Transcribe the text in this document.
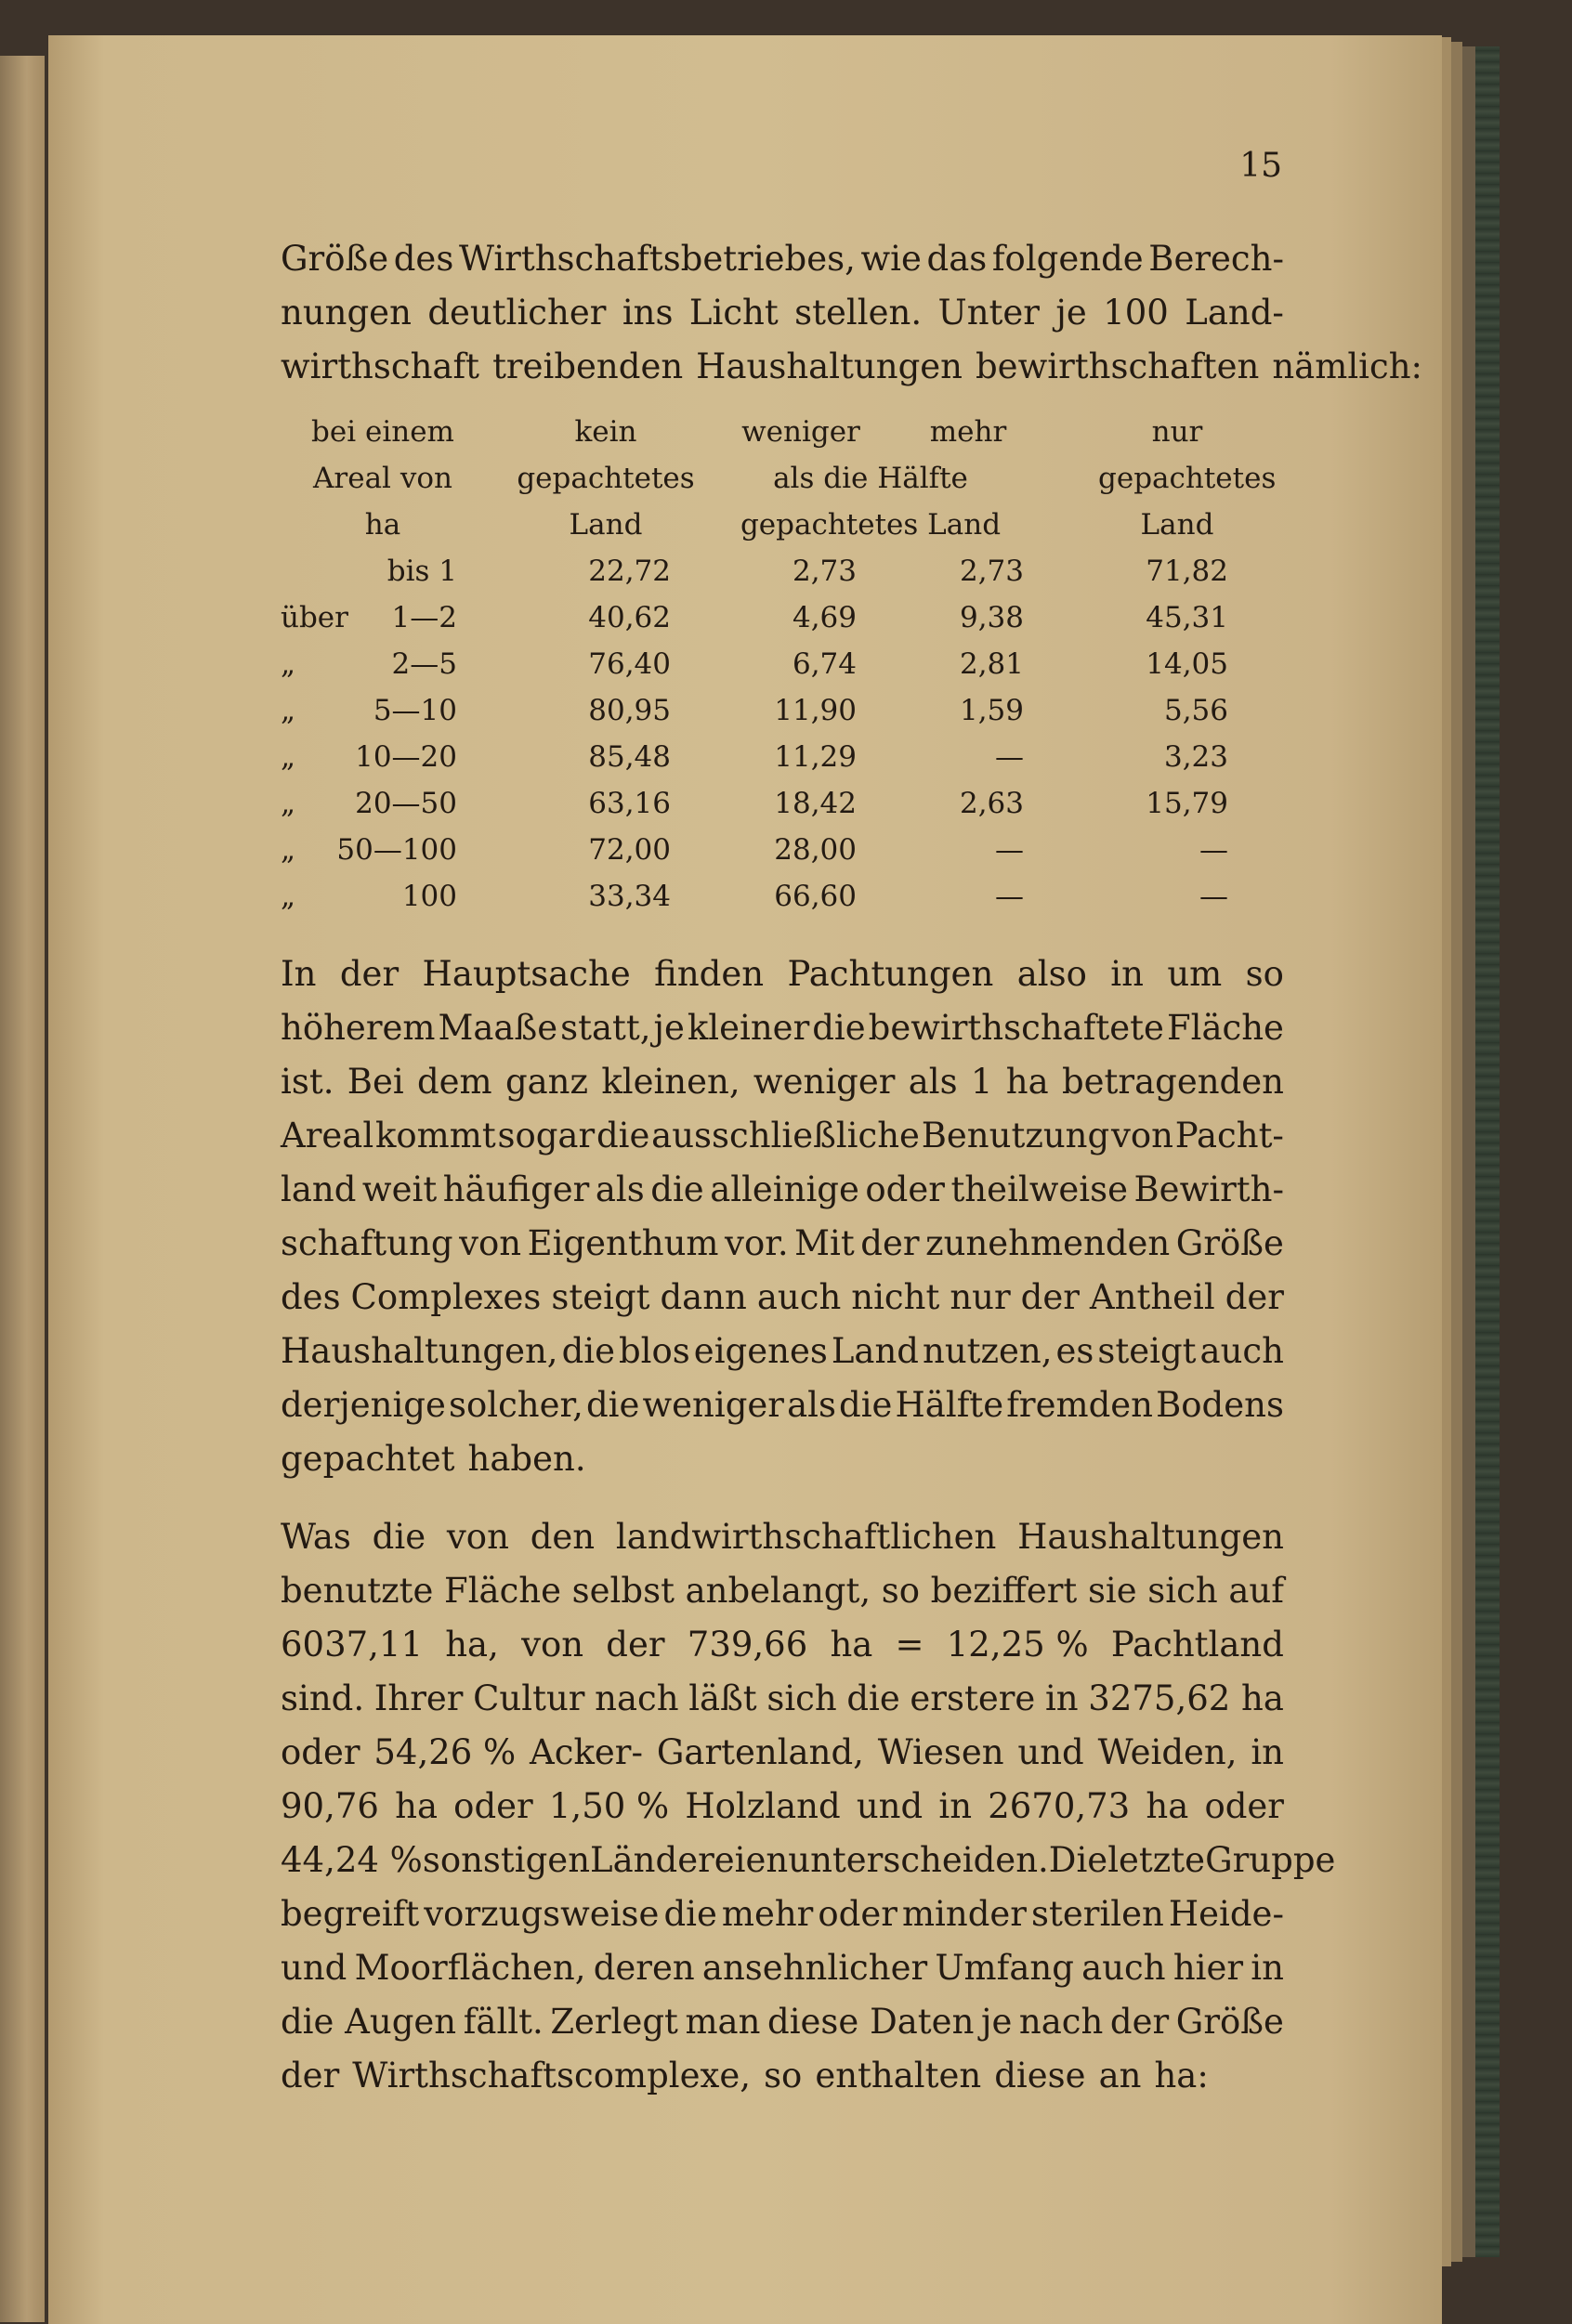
15
Größe des Wirthschaftsbetriebes, wie das folgende Berech-
nungen deutlicher ins Licht stellen. Unter je 100 Land-
wirthschaft treibenden Haushaltungen bewirthschaften nämlich:
bei einem	kein	weniger	mehr	nur
Areal von	gepachtetes	als die Hälfte	gepachtetes
ha	Land	gepachtetes Land	Land
bis 1	22,72	2,73	2,73	71,82
über	1—2	40,62	4,69	9,38	45,31
„	2—5	76,40	6,74	2,81	14,05
„	5—10	80,95	11,90	1,59	5,56
„	10—20	85,48	11,29	—	3,23
„	20—50	63,16	18,42	2,63	15,79
„	50—100	72,00	28,00	—	—
„	100	33,34	66,60	—	—
In der Hauptsache finden Pachtungen also in um so
höherem Maaße statt, je kleiner die bewirthschaftete Fläche
ist. Bei dem ganz kleinen, weniger als 1 ha betragenden
Areal kommt sogar die ausschließliche Benutzung von Pacht-
land weit häufiger als die alleinige oder theilweise Bewirth-
schaftung von Eigenthum vor. Mit der zunehmenden Größe
des Complexes steigt dann auch nicht nur der Antheil der
Haushaltungen, die blos eigenes Land nutzen, es steigt auch
derjenige solcher, die weniger als die Hälfte fremden Bodens
gepachtet haben.
Was die von den landwirthschaftlichen Haushaltungen
benutzte Fläche selbst anbelangt, so beziffert sie sich auf
6037,11 ha, von der 739,66 ha = 12,25 % Pachtland
sind. Ihrer Cultur nach läßt sich die erstere in 3275,62 ha
oder 54,26 % Acker- Gartenland, Wiesen und Weiden, in
90,76 ha oder 1,50 % Holzland und in 2670,73 ha oder
44,24 % sonstigen Ländereien unterscheiden. Die letzte Gruppe
begreift vorzugsweise die mehr oder minder sterilen Heide-
und Moorflächen, deren ansehnlicher Umfang auch hier in
die Augen fällt. Zerlegt man diese Daten je nach der Größe
der Wirthschaftscomplexe, so enthalten diese an ha:
